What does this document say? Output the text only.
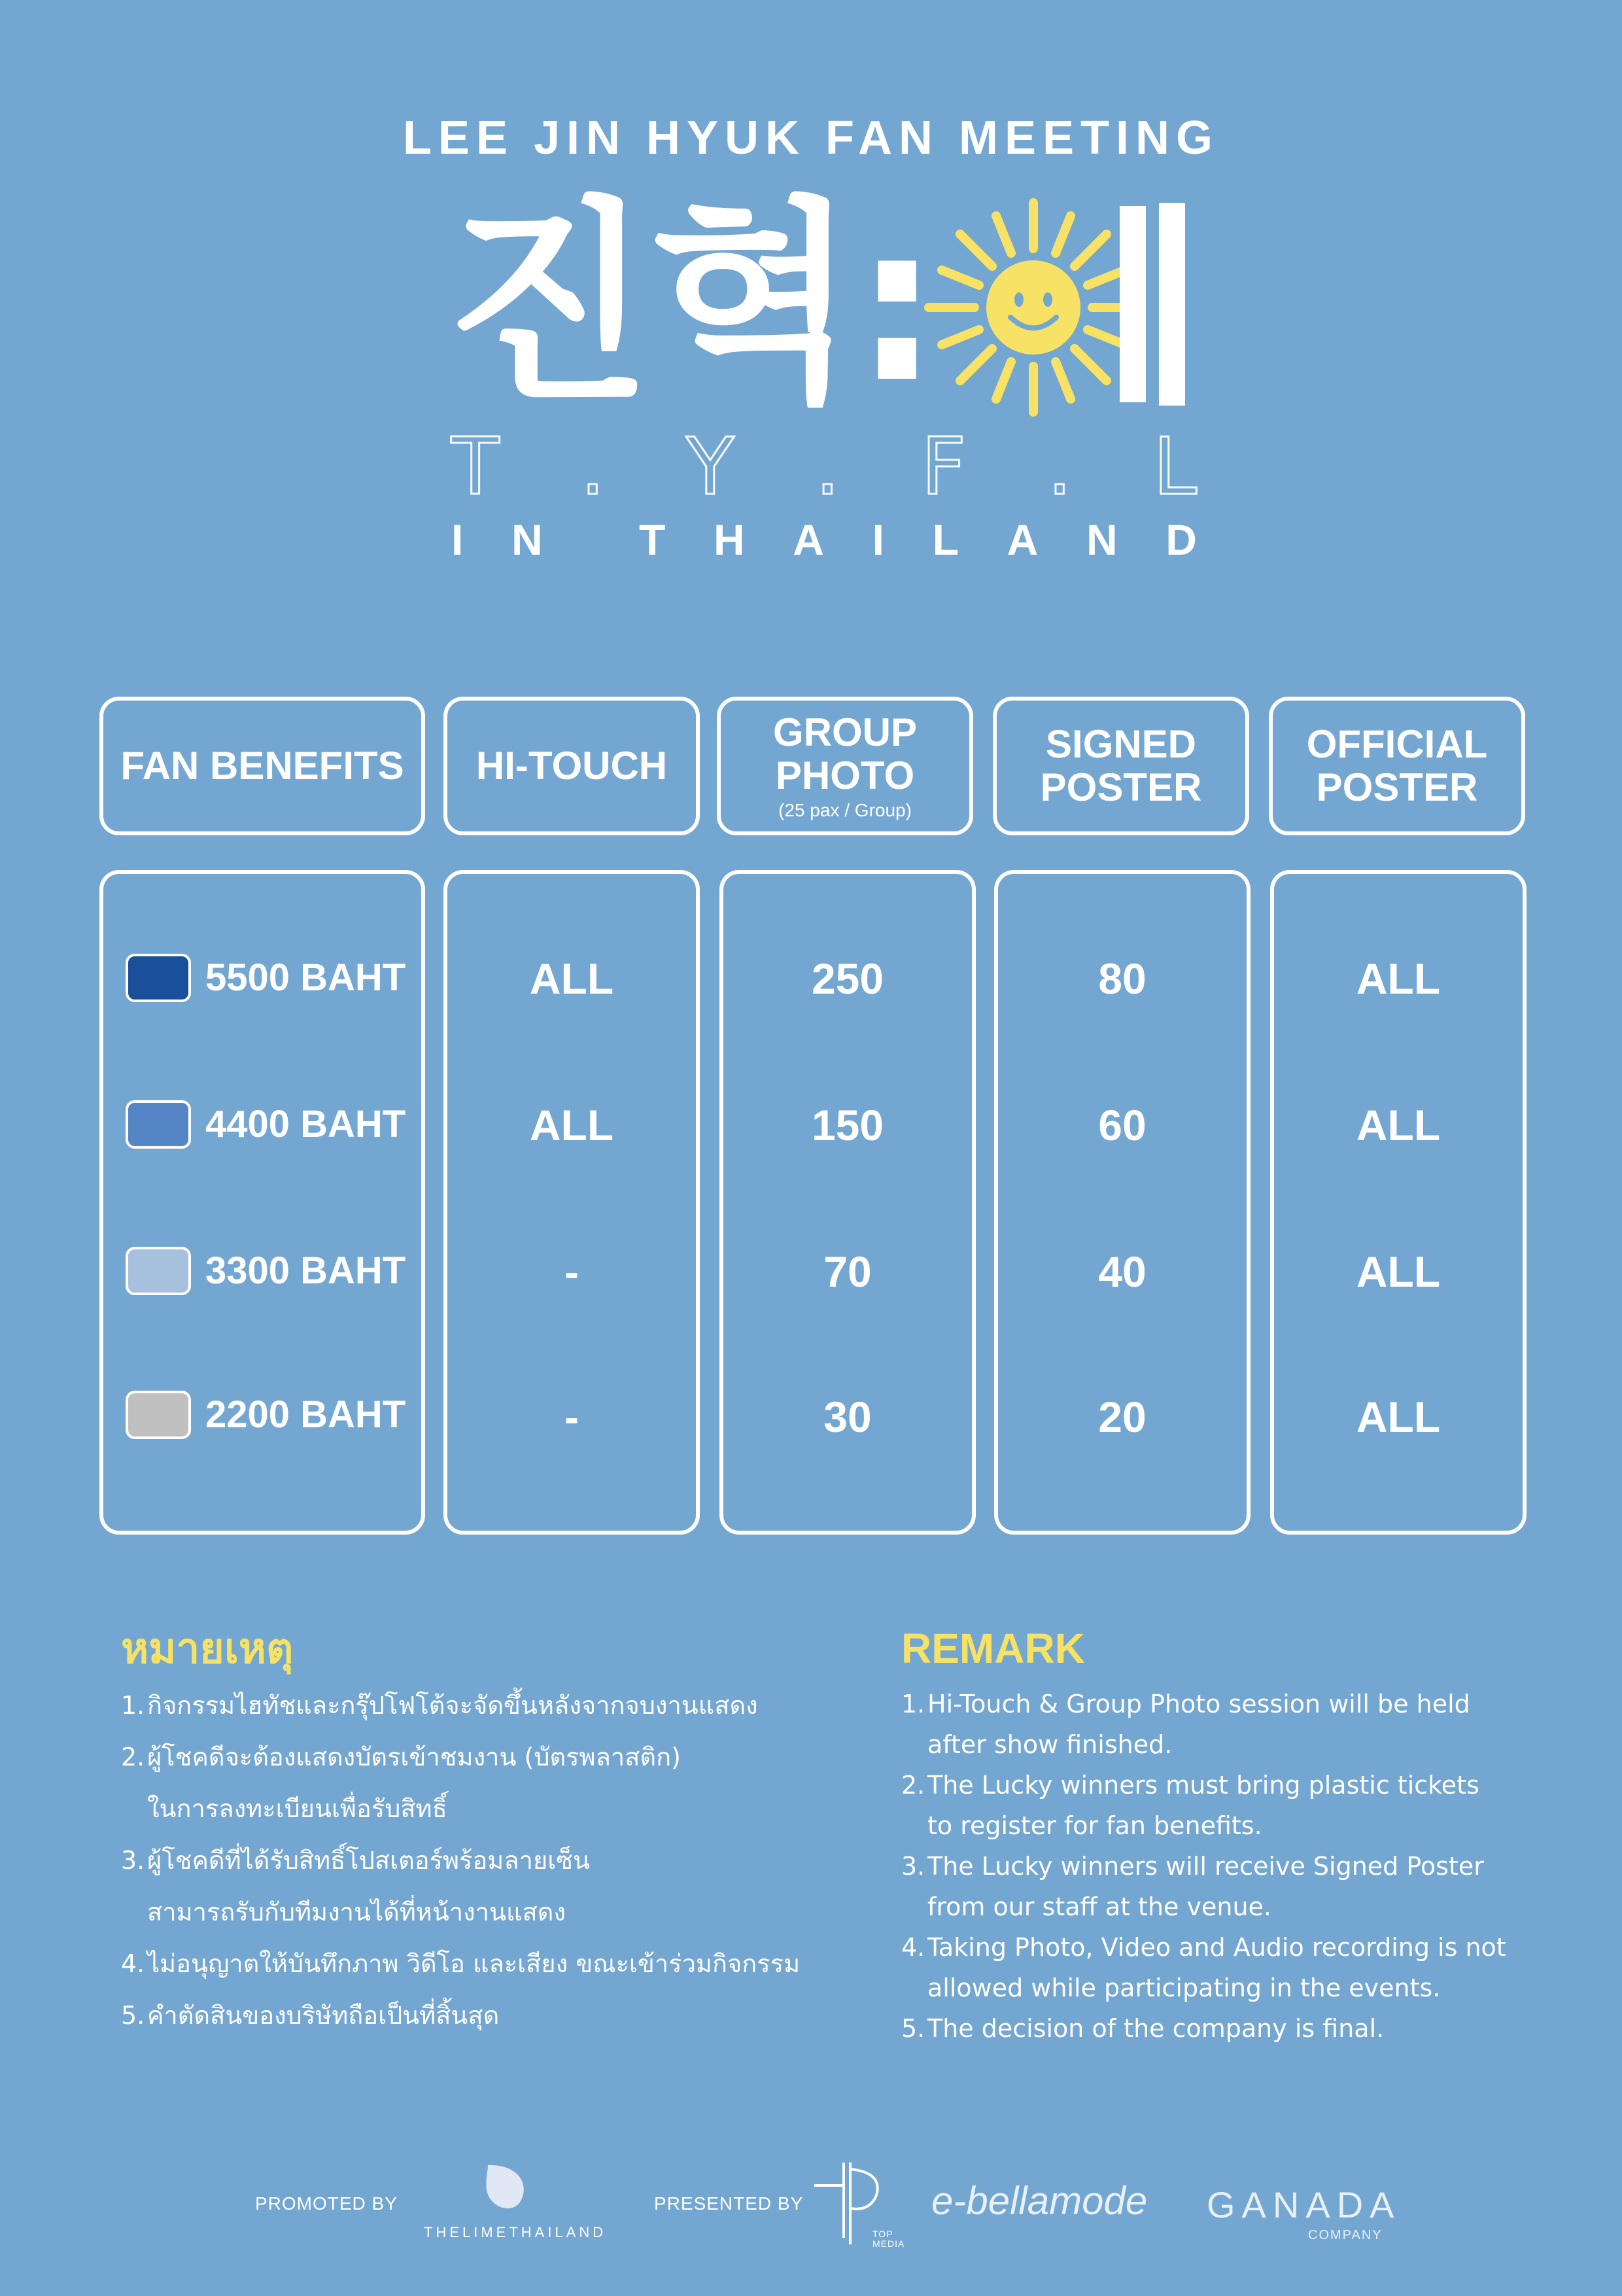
LEE JIN HYUK FAN MEETING
진혁:
T . Y . F . L
I N T H A I L A N D
FAN BENEFITS HI-TOUCH
GROUP
PHOTO
(25 pax / Group)
SIGNED
POSTER
OFFICIAL
POSTER
5500 BAHT
4400 BAHT
3300 BAHT
2200 BAHT
ALL
ALL
-
-
250
150
70
30
80
60
40
20
ALL
ALL
ALL
ALL
หมายเหตุ
1. กิจกรรมไฮทัชและกรุ๊ปโฟโต้จะจัดขึ้นหลังจากจบงานแสดง
2. ผู้โชคดีจะต้องแสดงบัตรเข้าชมงาน (บัตรพลาสติก)
ในการลงทะเบียนเพื่อรับสิทธิ์
3. ผู้โชคดีที่ได้รับสิทธิ์โปสเตอร์พร้อมลายเซ็น
สามารถรับกับทีมงานได้ที่หน้างานแสดง
4. ไม่อนุญาตให้บันทึกภาพ วิดีโอ และเสียง ขณะเข้าร่วมกิจกรรม
5. คำตัดสินของบริษัทถือเป็นที่สิ้นสุด
REMARK
1. Hi-Touch & Group Photo session will be held
after show finished.
2. The Lucky winners must bring plastic tickets
to register for fan benefits.
3. The Lucky winners will receive Signed Poster
from our staff at the venue.
4. Taking Photo, Video and Audio recording is not
allowed while participating in the events.
5. The decision of the company is final.
PROMOTED BY
THELIMETHAILAND
PRESENTED BY
TOP MEDIA
e-bellamode GANADA
COMPANY
